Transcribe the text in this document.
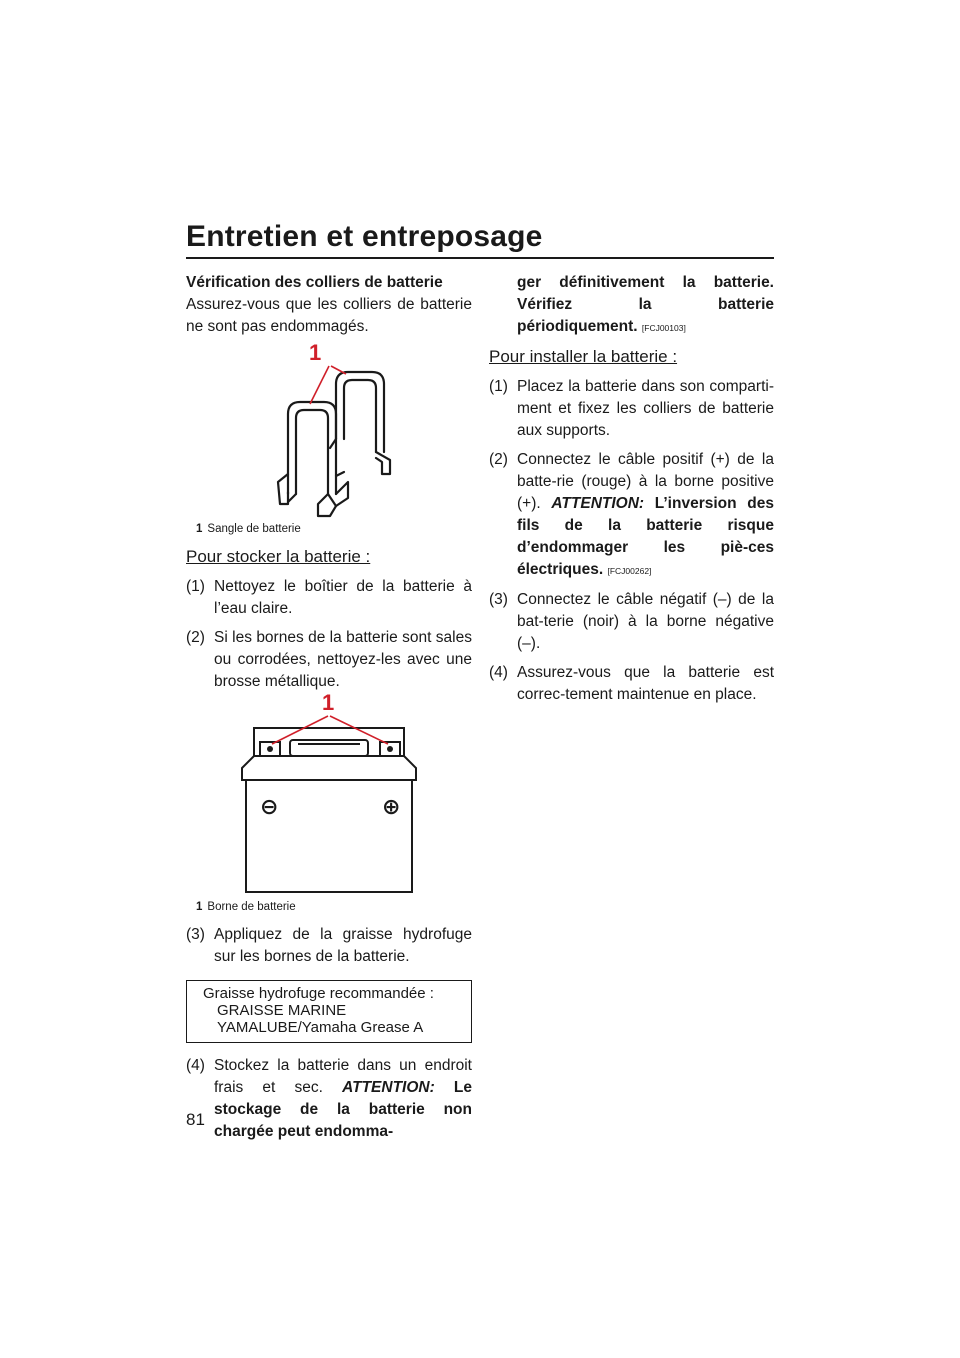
Entretien et entreposage
Vérification des colliers de batterie
Assurez-vous que les colliers de batterie ne sont pas endommagés.
1
1 Sangle de batterie
Pour stocker la batterie :
(1) Nettoyez le boîtier de la batterie à l’eau claire.
(2) Si les bornes de la batterie sont sales ou corrodées, nettoyez-les avec une brosse métallique.
1
⊖	⊕
1 Borne de batterie
(3) Appliquez de la graisse hydrofuge sur les bornes de la batterie.
Graisse hydrofuge recommandée :
GRAISSE MARINE
YAMALUBE/Yamaha Grease A
(4) Stockez la batterie dans un endroit frais et sec. ATTENTION: Le stockage de la batterie non chargée peut endomma-
ger définitivement la batterie. Vérifiez la batterie périodiquement. [FCJ00103]
Pour installer la batterie :
(1) Placez la batterie dans son comparti-ment et fixez les colliers de batterie aux supports.
(2) Connectez le câble positif (+) de la batte-rie (rouge) à la borne positive (+). ATTENTION: L’inversion des fils de la batterie risque d’endommager les piè-ces électriques. [FCJ00262]
(3) Connectez le câble négatif (–) de la bat-terie (noir) à la borne négative (–).
(4) Assurez-vous que la batterie est correc-tement maintenue en place.
81
